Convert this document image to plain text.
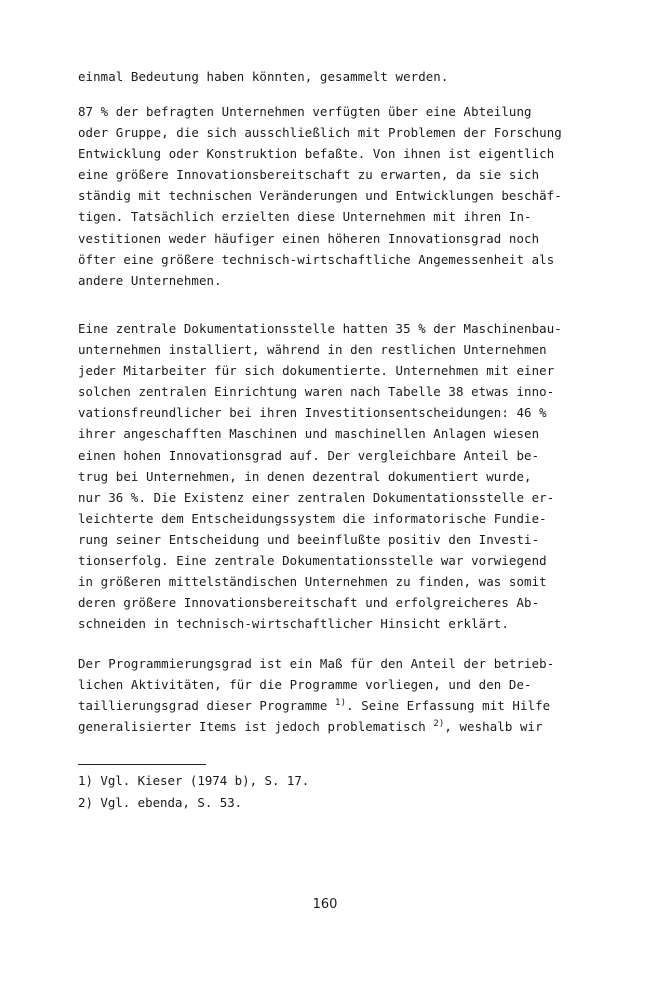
einmal Bedeutung haben könnten, gesammelt werden.
87 % der befragten Unternehmen verfügten über eine Abteilung
oder Gruppe, die sich ausschließlich mit Problemen der Forschung
Entwicklung oder Konstruktion befaßte. Von ihnen ist eigentlich
eine größere Innovationsbereitschaft zu erwarten, da sie sich
ständig mit technischen Veränderungen und Entwicklungen beschäf-
tigen. Tatsächlich erzielten diese Unternehmen mit ihren In-
vestitionen weder häufiger einen höheren Innovationsgrad noch
öfter eine größere technisch-wirtschaftliche Angemessenheit als
andere Unternehmen.
Eine zentrale Dokumentationsstelle hatten 35 % der Maschinenbau-
unternehmen installiert, während in den restlichen Unternehmen
jeder Mitarbeiter für sich dokumentierte. Unternehmen mit einer
solchen zentralen Einrichtung waren nach Tabelle 38 etwas inno-
vationsfreundlicher bei ihren Investitionsentscheidungen: 46 %
ihrer angeschafften Maschinen und maschinellen Anlagen wiesen
einen hohen Innovationsgrad auf. Der vergleichbare Anteil be-
trug bei Unternehmen, in denen dezentral dokumentiert wurde,
nur 36 %. Die Existenz einer zentralen Dokumentationsstelle er-
leichterte dem Entscheidungssystem die informatorische Fundie-
rung seiner Entscheidung und beeinflußte positiv den Investi-
tionserfolg. Eine zentrale Dokumentationsstelle war vorwiegend
in größeren mittelständischen Unternehmen zu finden, was somit
deren größere Innovationsbereitschaft und erfolgreicheres Ab-
schneiden in technisch-wirtschaftlicher Hinsicht erklärt.
Der Programmierungsgrad ist ein Maß für den Anteil der betrieb-
lichen Aktivitäten, für die Programme vorliegen, und den De-
taillierungsgrad dieser Programme $^{1)}$. Seine Erfassung mit Hilfe
generalisierter Items ist jedoch problematisch $^{2)}$, weshalb wir
1) Vgl. Kieser (1974 b), S. 17.
2) Vgl. ebenda, S. 53.
160
